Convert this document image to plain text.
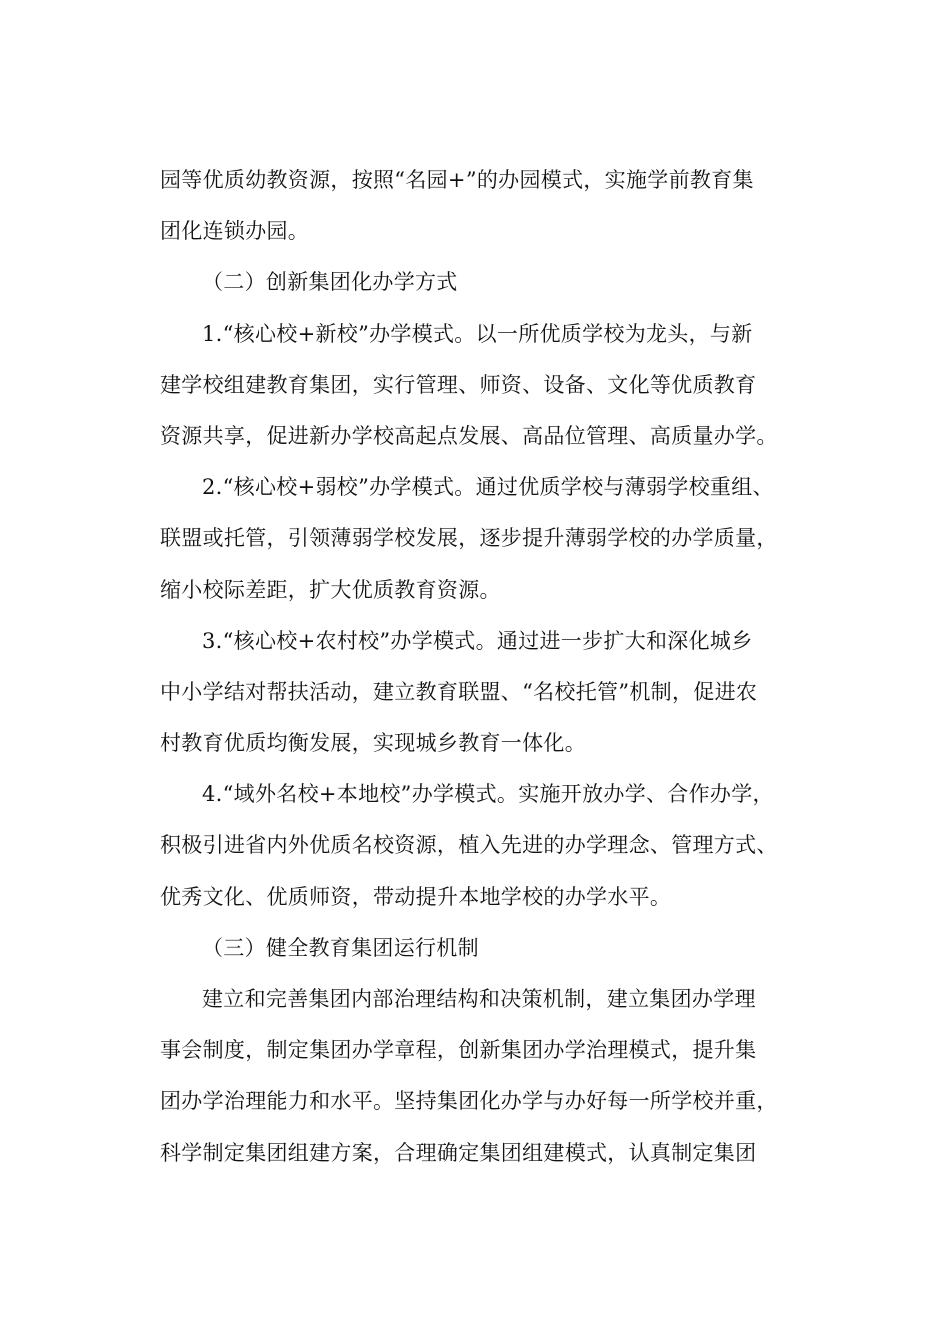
园等优质幼教资源，按照“名园+”的办园模式，实施学前教育集
团化连锁办园。
（二）创新集团化办学方式
1.“核心校+新校”办学模式。以一所优质学校为龙头，与新
建学校组建教育集团，实行管理、师资、设备、文化等优质教育
资源共享，促进新办学校高起点发展、高品位管理、高质量办学。
2.“核心校+弱校”办学模式。通过优质学校与薄弱学校重组、
联盟或托管，引领薄弱学校发展，逐步提升薄弱学校的办学质量，
缩小校际差距，扩大优质教育资源。
3.“核心校+农村校”办学模式。通过进一步扩大和深化城乡
中小学结对帮扶活动，建立教育联盟、“名校托管”机制，促进农
村教育优质均衡发展，实现城乡教育一体化。
4.“域外名校+本地校”办学模式。实施开放办学、合作办学，
积极引进省内外优质名校资源，植入先进的办学理念、管理方式、
优秀文化、优质师资，带动提升本地学校的办学水平。
（三）健全教育集团运行机制
建立和完善集团内部治理结构和决策机制，建立集团办学理
事会制度，制定集团办学章程，创新集团办学治理模式，提升集
团办学治理能力和水平。坚持集团化办学与办好每一所学校并重，
科学制定集团组建方案，合理确定集团组建模式，认真制定集团
